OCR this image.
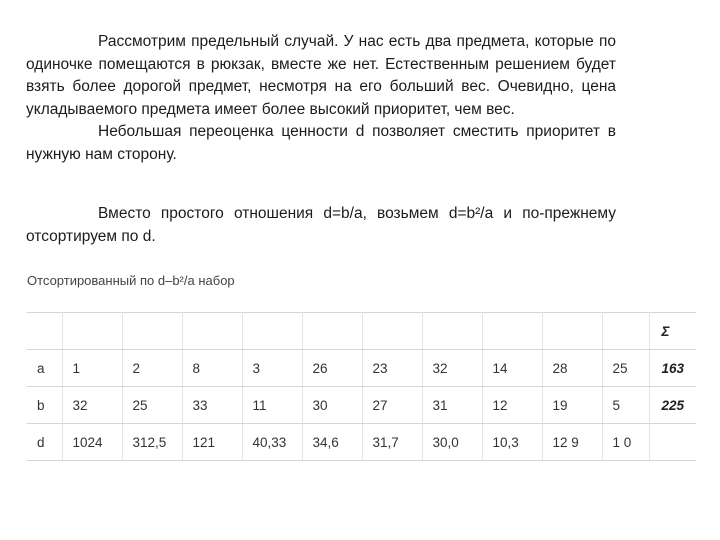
Рассмотрим предельный случай. У нас есть два предмета, которые по одиночке помещаются в рюкзак, вместе же нет. Естественным решением будет взять более дорогой предмет, несмотря на его больший вес. Очевидно, цена укладываемого предмета имеет более высокий приоритет, чем вес.

Небольшая переоценка ценности d позволяет сместить приоритет в нужную нам сторону.

Вместо простого отношения d=b/a, возьмем d=b²/a и по-прежнему отсортируем по d.

Отсортированный по d–b²/a набор
											Σ
a	1	2	8	3	26	23	32	14	28	25	163
b	32	25	33	11	30	27	31	12	19	5	225
d	1024	312,5	121	40,33	34,6	31,7	30,0	10,3	12 9	1 0	
